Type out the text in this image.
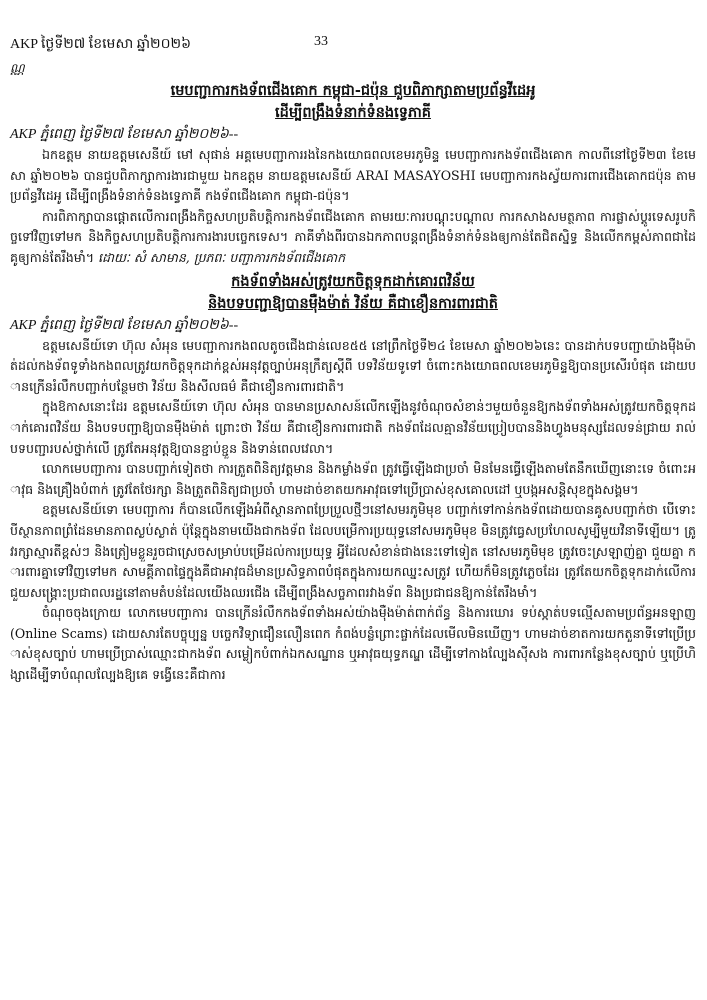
AKP ថ្ងៃទី២៧ ខែមេសា ឆ្នាំ២០២៦	33
ណ្ណ

មេបញ្ជាការកងទ័ពជើងគោក កម្ពុជា-ជប៉ុន ជួបពិភាក្សាតាមប្រព័ន្ធវីដេអូ

ដើម្បីពង្រឹងទំនាក់ទំនងទ្វេភាគី

AKP ភ្នំពេញ ថ្ងៃទី២៧ ខែមេសា ឆ្នាំ២០២៦--

ឯកឧត្តម នាយឧត្តមសេនីយ៍ មៅ សុផាន់ អគ្គមេបញ្ជាការរងនៃកងយោធពលខេមរភូមិន្ទ មេបញ្ជាការកងទ័ពជើងគោក កាលពីនៅថ្ងៃទី២៣ ខែមេសា ឆ្នាំ២០២៦ បានជួបពិភាក្សាការងារជាមួយ ឯកឧត្តម នាយឧត្តមសេនីយ៍ ARAI MASAYOSHI មេបញ្ជាការកងស្វ័យការពារជើងគោកជប៉ុន តាមប្រព័ន្ធវីដេអូ ដើម្បីពង្រឹងទំនាក់ទំនងទ្វេភាគី កងទ័ពជើងគោក កម្ពុជា-ជប៉ុន។

ការពិភាក្សាបានផ្ដោតលើការពង្រឹងកិច្ចសហប្រតិបត្តិការកងទ័ពជើងគោក តាមរយៈការបណ្តុះបណ្តាល ការកសាងសមត្ថភាព ការផ្លាស់ប្ដូរទេសរូបកិច្ចទៅវិញទៅមក និងកិច្ចសហប្រតិបត្តិការការងារបច្ចេកទេស។ ភាគីទាំងពីរបានឯកភាពបន្តពង្រឹងទំនាក់ទំនងឲ្យកាន់តែជិតស្និទ្ធ និងលើកកម្ពស់ភាពជាដៃគូឲ្យកាន់តែរឹងមាំ។ ដោយៈ សំ សាមាន, ប្រភពៈ បញ្ជាការកងទ័ពជើងគោក

កងទ័ពទាំងអស់ត្រូវយកចិត្តទុកដាក់គោរពវិន័យ

និងបទបញ្ជាឱ្យបានម៉ឺងម៉ាត់ វិន័យ គឺជាខឿនការពារជាតិ

AKP ភ្នំពេញ ថ្ងៃទី២៧ ខែមេសា ឆ្នាំ២០២៦--

ឧត្តមសេនីយ៍ទោ ហ៊ុល សំអុន មេបញ្ជាការកងពលតូចជើងជាន់លេខ៥៥ នៅព្រឹកថ្ងៃទី២៤ ខែមេសា ឆ្នាំ២០២៦នេះ បានដាក់បទបញ្ជាយ៉ាងម៉ឺងម៉ាត់ដល់កងទ័ពទូទាំងកងពលត្រូវយកចិត្តទុកដាក់ខ្ពស់អនុវត្តច្បាប់អនុក្រឹត្យស្ដីពី បទវិន័យទូទៅ ចំពោះកងយោធពលខេមរភូមិន្ទឱ្យបានប្រសើរបំផុត ដោយបានក្រើនរំលឹកបញ្ជាក់បន្ថែមថា វិន័យ និងសីលធម៌ គឺជាខឿនការពារជាតិ។

ក្នុងឱកាសនោះដែរ ឧត្តមសេនីយ៍ទោ ហ៊ុល សំអុន បានមានប្រសាសន៍លើកឡើងនូវចំណុចសំខាន់ៗមួយចំនួនឱ្យកងទ័ពទាំងអស់ត្រូវយកចិត្តទុកដាក់គោរពវិន័យ និងបទបញ្ជាឱ្យបានម៉ឺងម៉ាត់ ព្រោះថា វិន័យ គឺជាខឿនការពារជាតិ កងទ័ពដែលគ្មានវិន័យប្រៀបបាននិងហ្វូងមនុស្សដែលទន់ជ្រាយ រាល់បទបញ្ជារបស់ថ្នាក់លើ ត្រូវតែអនុវត្តឱ្យបានខ្ជាប់ខ្ជួន និងទាន់ពេលវេលា។

លោកមេបញ្ជាការ បានបញ្ជាក់ទៀតថា ការត្រួតពិនិត្យវត្តមាន និងកម្លាំងទ័ព ត្រូវធ្វើឡើងជាប្រចាំ មិនមែនធ្វើឡើងតាមតែនឹកឃើញនោះទេ ចំពោះអាវុធ និងគ្រឿងបំពាក់ ត្រូវតែថែរក្សា និងត្រួតពិនិត្យជាប្រចាំ ហាមដាច់ខាតយកអាវុធទៅប្រើប្រាស់ខុសគោលដៅ ឬបង្កអសន្តិសុខក្នុងសង្គម។

ឧត្តមសេនីយ៍ទោ មេបញ្ជាការ ក៏បានលើកឡើងអំពីស្ថានភាពប្រែប្រួលថ្មីៗនៅសមរភូមិមុខ បញ្ជាក់ទៅកាន់កងទ័ពដោយបានគូសបញ្ជាក់ថា បើទោះបីស្ថានភាពព្រំដែនមានភាពស្ងប់ស្ងាត់ ប៉ុន្តែក្នុងនាមយើងជាកងទ័ព ដែលបម្រើការប្រយុទ្ធនៅសមរភូមិមុខ មិនត្រូវធ្វេសប្រហែលសូម្បីមួយវិនាទីឡើយ។ ត្រូវរក្សាស្មារតីខ្ពស់ៗ និងត្រៀមខ្លួនរួចជាស្រេចសម្រាប់បម្រើដល់ការប្រយុទ្ធ អ្វីដែលសំខាន់ជាងនេះទៅទៀត នៅសមរភូមិមុខ ត្រូវចេះស្រឡាញ់គ្នា ជួយគ្នា ការពារគ្នាទៅវិញទៅមក សាមគ្គីភាពផ្ទៃក្នុងគឺជាអាវុធដ៏មានប្រសិទ្ធភាពបំផុតក្នុងការយកឈ្នះសត្រូវ ហើយក៏មិនត្រូវភ្លេចដែរ ត្រូវតែយកចិត្តទុកដាក់លើការជួយសង្គ្រោះប្រជាពលរដ្ឋនៅតាមតំបន់ដែលយើងឈរជើង ដើម្បីពង្រឹងសច្ចភាពរវាងទ័ព និងប្រជាជនឱ្យកាន់តែរឹងមាំ។

ចំណុចចុងក្រោយ លោកមេបញ្ជាការ បានក្រើនរំលឹកកងទ័ពទាំងអស់យ៉ាងម៉ឺងម៉ាត់ពាក់ព័ន្ធ និងការឃោរ ទប់ស្កាត់បទល្មើសតាមប្រព័ន្ធអនឡាញ (Online Scams) ដោយសារតែបច្ចុប្បន្ន បច្ចេកវិទ្យាជឿនលឿនពេក កំពង់បន្លំព្រោះផ្ចាក់ដែលមើលមិនឃើញ។ ហាមដាច់ខាតការយកតួនាទីទៅប្រើប្រាស់ខុសច្បាប់ ហាមប្រើប្រាស់ឈ្មោះជាកងទ័ព សម្លៀកបំពាក់ឯកសណ្ឋាន ឬអាវុធយុទ្ធភណ្ឌ ដើម្បីទៅកាងល្បែងស៊ីសង ការពារកន្លែងខុសច្បាប់ ឬប្រើហិង្សាដើម្បីទាបំណុលល្បែងឱ្យគេ ទង្វើនេះគឺជាការ
